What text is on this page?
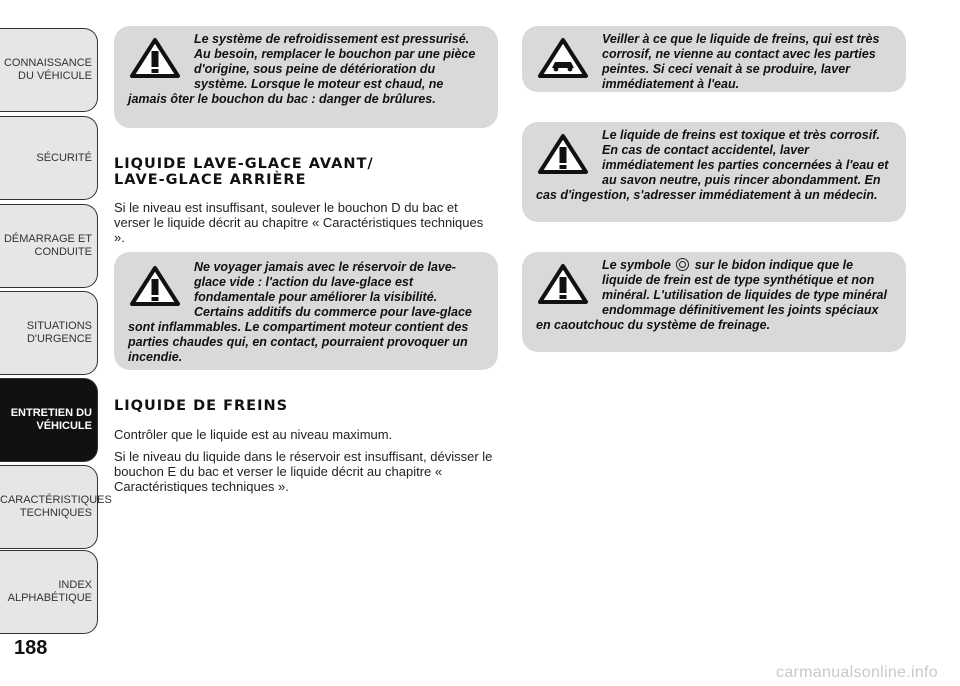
CONNAISSANCE DU VÉHICULE
SÉCURITÉ
DÉMARRAGE ET CONDUITE
SITUATIONS D'URGENCE
ENTRETIEN DU VÉHICULE
CARACTÉRISTIQUES TECHNIQUES
INDEX ALPHABÉTIQUE
188
Le système de refroidissement est pressurisé. Au besoin, remplacer le bouchon par une pièce d'origine, sous peine de détérioration du système. Lorsque le moteur est chaud, ne jamais ôter le bouchon du bac : danger de brûlures.
LIQUIDE LAVE-GLACE AVANT/
LAVE-GLACE ARRIÈRE
Si le niveau est insuffisant, soulever le bouchon D du bac et verser le liquide décrit au chapitre « Caractéristiques techniques ».
Ne voyager jamais avec le réservoir de lave-glace vide : l'action du lave-glace est fondamentale pour améliorer la visibilité. Certains additifs du commerce pour lave-glace sont inflammables. Le compartiment moteur contient des parties chaudes qui, en contact, pourraient provoquer un incendie.
LIQUIDE DE FREINS
Contrôler que le liquide est au niveau maximum.
Si le niveau du liquide dans le réservoir est insuffisant, dévisser le bouchon E du bac et verser le liquide décrit au chapitre « Caractéristiques techniques ».
Veiller à ce que le liquide de freins, qui est très corrosif, ne vienne au contact avec les parties peintes. Si ceci venait à se produire, laver immédiatement à l'eau.
Le liquide de freins est toxique et très corrosif. En cas de contact accidentel, laver immédiatement les parties concernées à l'eau et au savon neutre, puis rincer abondamment. En cas d'ingestion, s'adresser immédiatement à un médecin.
Le symbole sur le bidon indique que le liquide de frein est de type synthétique et non minéral. L'utilisation de liquides de type minéral endommage définitivement les joints spéciaux en caoutchouc du système de freinage.
carmanualsonline.info
